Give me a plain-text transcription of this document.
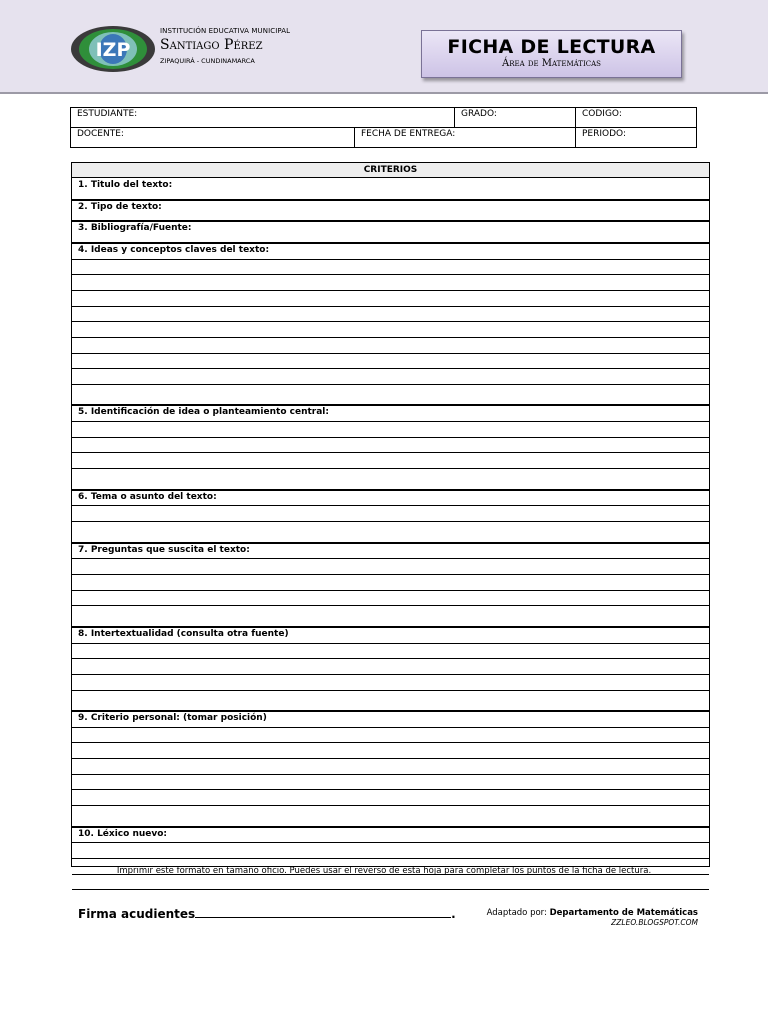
IZP
INSTITUCIÓN EDUCATIVA MUNICIPAL
Santiago Pérez
ZIPAQUIRÁ - CUNDINAMARCA
FICHA DE LECTURA
Área de Matemáticas
ESTUDIANTE:	GRADO:	CODIGO:
DOCENTE:	FECHA DE ENTREGA:	PERIODO:
CRITERIOS
1. Titulo del texto:
2. Tipo de texto:
3. Bibliografía/Fuente:
4. Ideas y conceptos claves del texto:
5. Identificación de idea o planteamiento central:
6. Tema o asunto del texto:
7. Preguntas que suscita el texto:
8. Intertextualidad (consulta otra fuente)
9. Criterio personal: (tomar posición)
10. Léxico nuevo:
Imprimir este formato en tamaño oficio. Puedes usar el reverso de esta hoja para completar los puntos de la ficha de lectura.
Firma acudientes	.	Adaptado por: Departamento de Matemáticas
ZZLEO.BLOGSPOT.COM
